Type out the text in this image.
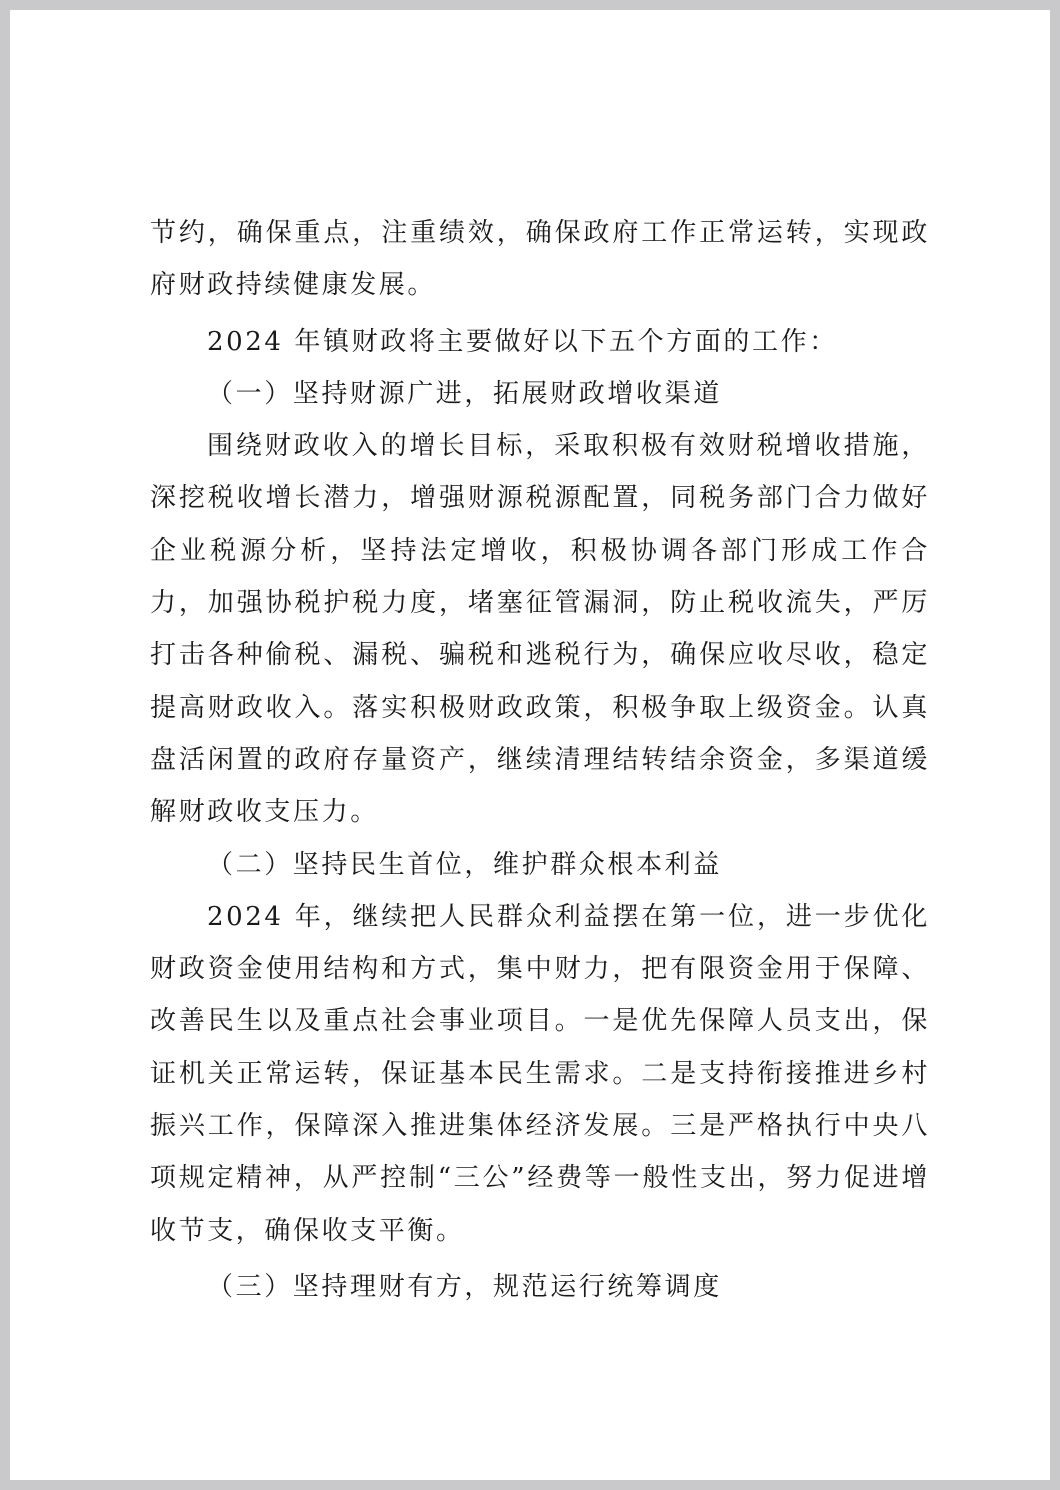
节约，确保重点，注重绩效，确保政府工作正常运转，实现政府财政持续健康发展。

2024 年镇财政将主要做好以下五个方面的工作：

（一）坚持财源广进，拓展财政增收渠道

围绕财政收入的增长目标，采取积极有效财税增收措施，深挖税收增长潜力，增强财源税源配置，同税务部门合力做好企业税源分析，坚持法定增收，积极协调各部门形成工作合力，加强协税护税力度，堵塞征管漏洞，防止税收流失，严厉打击各种偷税、漏税、骗税和逃税行为，确保应收尽收，稳定提高财政收入。落实积极财政政策，积极争取上级资金。认真盘活闲置的政府存量资产，继续清理结转结余资金，多渠道缓解财政收支压力。

（二）坚持民生首位，维护群众根本利益

2024 年，继续把人民群众利益摆在第一位，进一步优化财政资金使用结构和方式，集中财力，把有限资金用于保障、改善民生以及重点社会事业项目。一是优先保障人员支出，保证机关正常运转，保证基本民生需求。二是支持衔接推进乡村振兴工作，保障深入推进集体经济发展。三是严格执行中央八项规定精神，从严控制“三公”经费等一般性支出，努力促进增收节支，确保收支平衡。

（三）坚持理财有方，规范运行统筹调度
